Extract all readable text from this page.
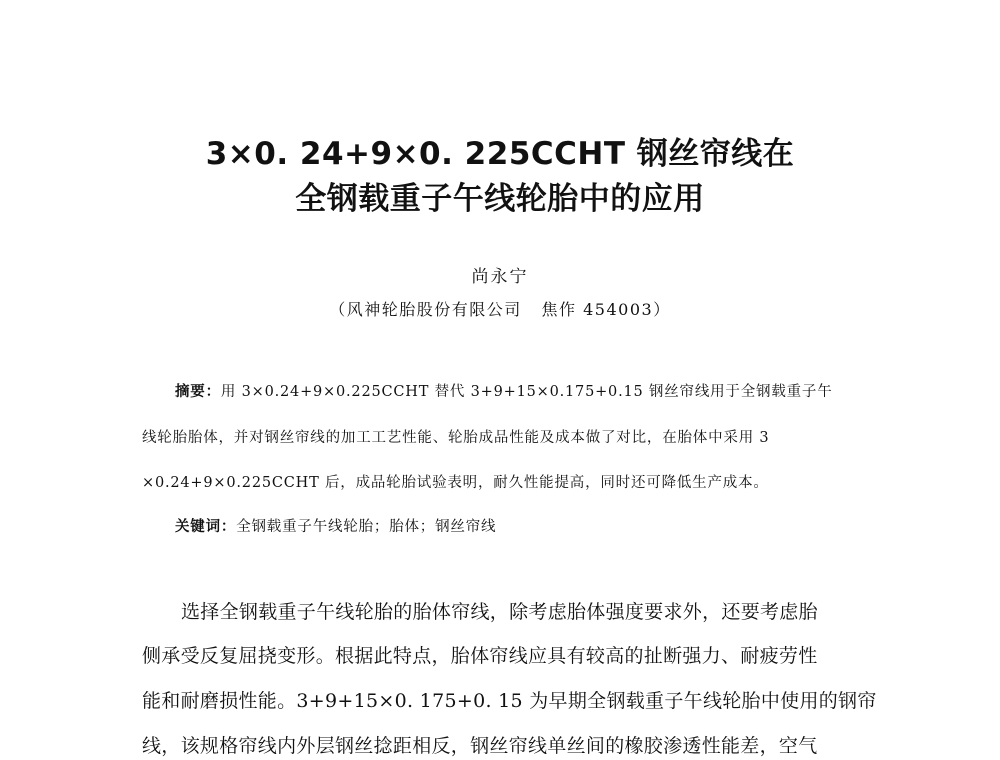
3×0. 24+9×0. 225CCHT 钢丝帘线在
全钢载重子午线轮胎中的应用
尚永宁
（风神轮胎股份有限公司   焦作 454003）
摘要：用 3×0.24+9×0.225CCHT 替代 3+9+15×0.175+0.15 钢丝帘线用于全钢载重子午
线轮胎胎体，并对钢丝帘线的加工工艺性能、轮胎成品性能及成本做了对比，在胎体中采用 3
×0.24+9×0.225CCHT 后，成品轮胎试验表明，耐久性能提高，同时还可降低生产成本。
关键词：全钢载重子午线轮胎；胎体；钢丝帘线
选择全钢载重子午线轮胎的胎体帘线，除考虑胎体强度要求外，还要考虑胎
侧承受反复屈挠变形。根据此特点，胎体帘线应具有较高的扯断强力、耐疲劳性
能和耐磨损性能。3+9+15×0. 175+0. 15 为早期全钢载重子午线轮胎中使用的钢帘
线，该规格帘线内外层钢丝捻距相反，钢丝帘线单丝间的橡胶渗透性能差，空气
